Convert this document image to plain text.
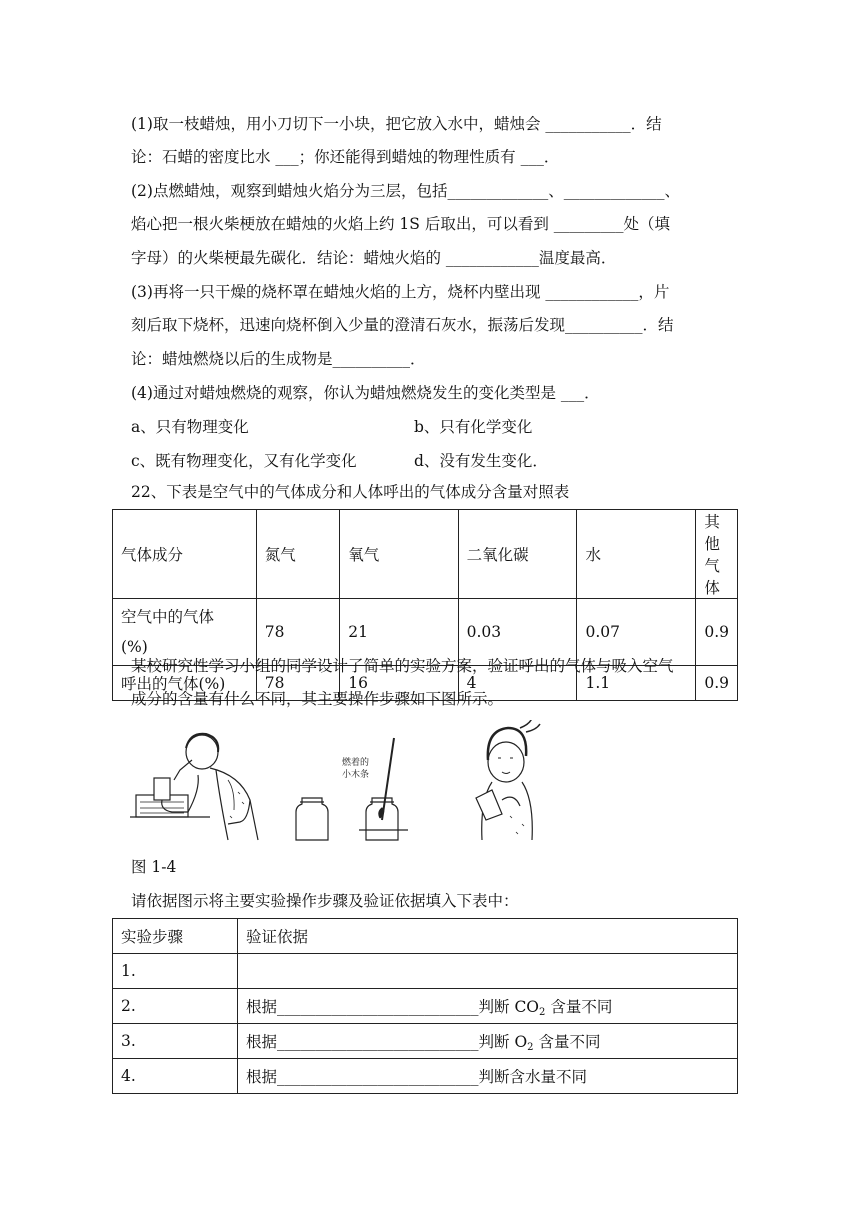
(1)取一枝蜡烛，用小刀切下一小块，把它放入水中，蜡烛会 ___________．结
论：石蜡的密度比水 ___；你还能得到蜡烛的物理性质有 ___．
(2)点燃蜡烛，观察到蜡烛火焰分为三层，包括_____________、_____________、
焰心把一根火柴梗放在蜡烛的火焰上约 1S 后取出，可以看到 _________处（填
字母）的火柴梗最先碳化．结论：蜡烛火焰的 ____________温度最高．
(3)再将一只干燥的烧杯罩在蜡烛火焰的上方，烧杯内壁出现 ____________，片
刻后取下烧杯，迅速向烧杯倒入少量的澄清石灰水，振荡后发现__________．结
论：蜡烛燃烧以后的生成物是__________．
(4)通过对蜡烛燃烧的观察，你认为蜡烛燃烧发生的变化类型是 ___．
a、只有物理变化	b、只有化学变化
c、既有物理变化，又有化学变化	d、没有发生变化．
22、下表是空气中的气体成分和人体呼出的气体成分含量对照表
气体成分	氮气	氧气	二氧化碳	水	其他气体

空气中的气体
(%)	78	21	0.03	0.07	0.9
呼出的气体(%)	78	16	4	1.1	0.9
某校研究性学习小组的同学设计了简单的实验方案，验证呼出的气体与吸入空气
成分的含量有什么不同，其主要操作步骤如下图所示。
燃着的
小木条
图 1-4
请依据图示将主要实验操作步骤及验证依据填入下表中：
实验步骤	验证依据
1.	
2.	根据__________________________判断 $CO_2$ 含量不同
3.	根据__________________________判断 $O_2$ 含量不同
4.	根据__________________________判断含水量不同
